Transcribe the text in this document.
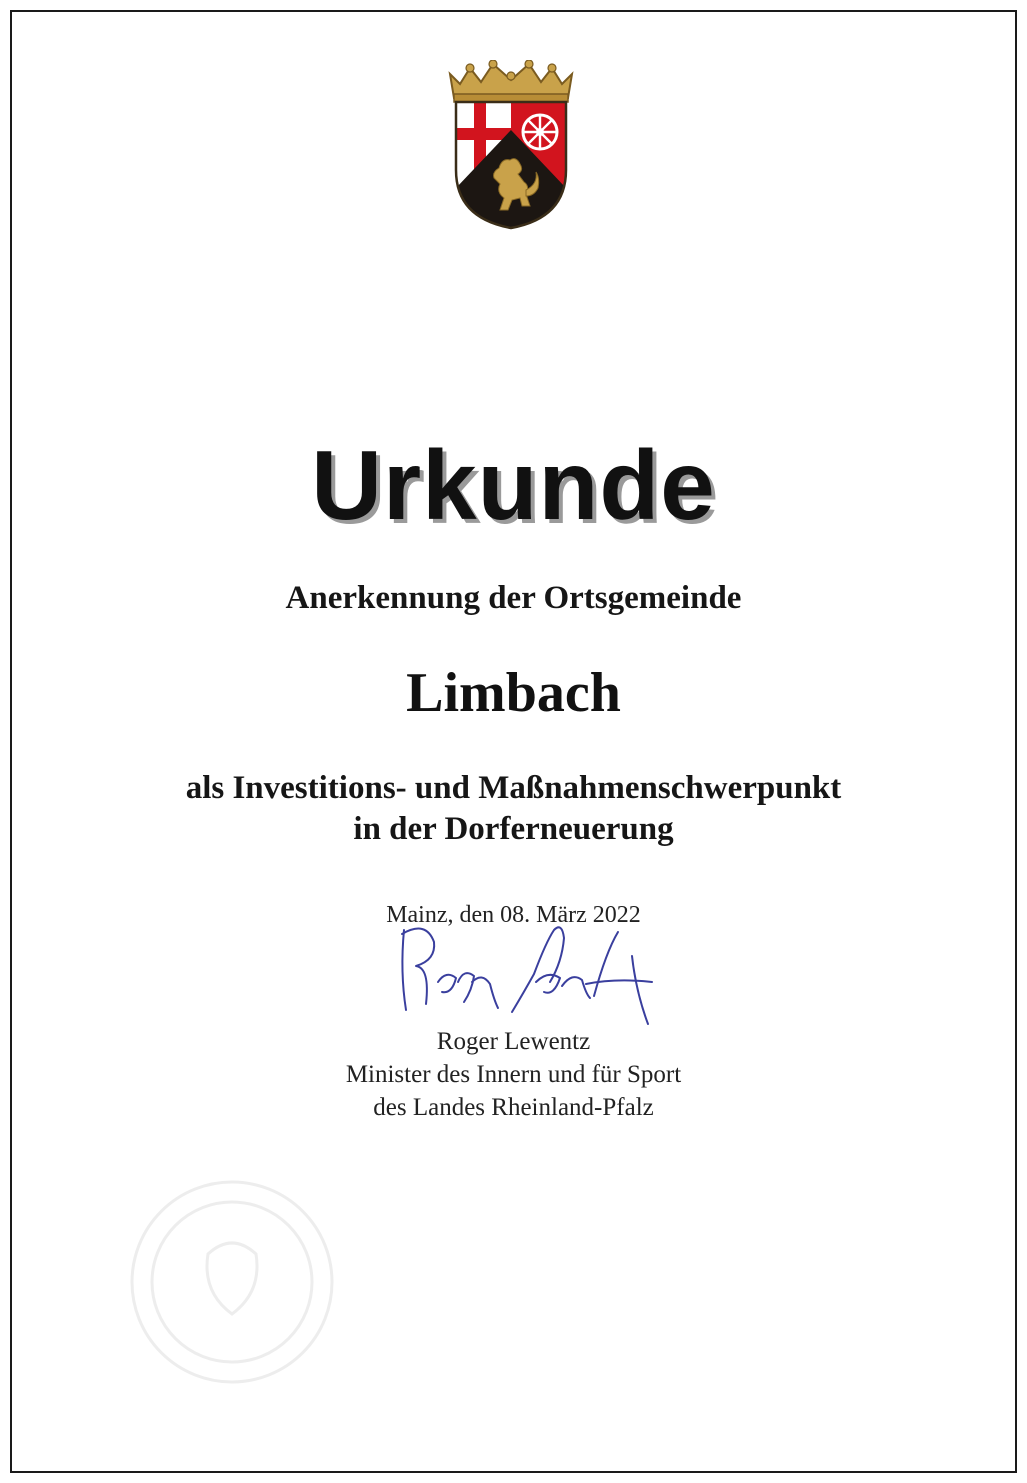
Urkunde
Anerkennung der Ortsgemeinde
Limbach
als Investitions- und Maßnahmenschwerpunkt
in der Dorferneuerung
Mainz, den 08. März 2022
Roger Lewentz
Minister des Innern und für Sport
des Landes Rheinland-Pfalz
